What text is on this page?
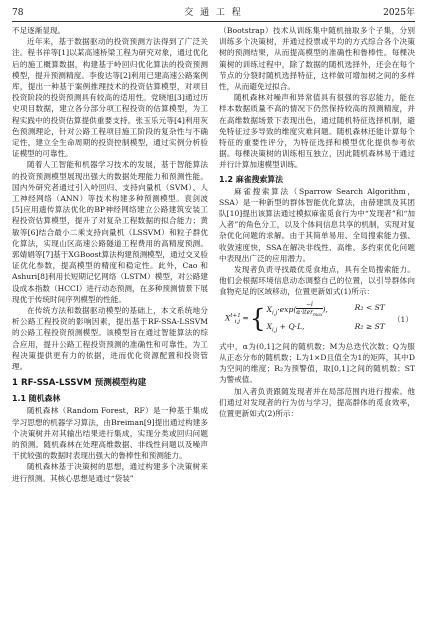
78	交 通 工 程	2025年

不足逐渐显现。

近年来，基于数据驱动的投资预测方法得到了广泛关注。程书祥等[1]以某高速桥梁工程为研究对象，通过优化后的施工概算数据，构建基于岭回归优化算法的投资预测模型，提升预测精度。李俊达等[2]利用已建高速公路案例库，提出一种基于案例推理技术的投资估算模型，对项目投资阶段的投资预测具有较高的适用性。党晓旭[3]通过历史项目数据，建立各分部分项工程投资的估算模型，为工程实践中的投资估算提供重要支持。张玉乐元等[4]利用灰色预测理论，针对公路工程项目施工阶段的复杂性与不确定性，建立全生命周期的投资控制模型，通过实例分析验证模型的可靠性。

随着人工智能和机器学习技术的发展，基于智能算法的投资预测模型展现出强大的数据处理能力和预测性能。国内外研究者通过引入岭回归、支持向量机（SVM）、人工神经网络（ANN）等技术构建多种预测模型。袁剑波[5]应用遗传算法优化的BP神经网络建立公路建筑安装工程投资估算模型，提升了对复杂工程数据的拟合能力；黄敏等[6]结合最小二乘支持向量机（LSSVM）和粒子群优化算法，实现山区高速公路隧道工程费用的高精度预测。郭婧娟等[7]基于XGBoost算法构建预测模型，通过交叉验证优化参数，提高模型的精度和稳定性。此外，Cao 和Ashuri[8]利用长短期记忆网络（LSTM）模型，对公路建设成本指数（HCCI）进行动态预测，在多种预测情景下展现优于传统时间序列模型的性能。

在传统方法和数据驱动模型的基础上，本文系统地分析公路工程投资的影响因素，提出基于RF-SSA-LSSVM的公路工程投资预测模型。该模型旨在通过智能算法的综合应用，提升公路工程投资预测的准确性和可靠性，为工程决策提供更有力的依据，进而优化资源配置和投资管理。

1 RF-SSA-LSSVM 预测模型构建
1.1 随机森林

随机森林（Random Forest，RF）是一种基于集成学习思想的机器学习算法，由Breiman[9]提出通过构建多个决策树并对其输出结果进行集成，实现分类或回归问题的预测。随机森林在处理高维数据、非线性问题以及噪声干扰较强的数据时表现出强大的鲁棒性和预测能力。

随机森林基于决策树的思想，通过构建多个决策树来进行预测。其核心思想是通过“袋装”

（Bootstrap）技术从训练集中随机抽取多个子集，分别训练多个决策树，并通过投票或平均的方式综合各个决策树的预测结果，从而提高模型的准确性和鲁棒性。每棵决策树的训练过程中，除了数据的随机选择外，还会在每个节点的分裂时随机选择特征，这样做可增加树之间的多样性，从而避免过拟合。

随机森林对噪声和异常值具有很强的容忍能力，能在样本数据质量不高的情况下仍然保持较高的预测精度，并在高维数据场景下表现出色，通过随机特征选择机制，避免特征过多导致的维度灾难问题。随机森林还能计算每个特征的重要性评分，为特征选择和模型优化提供参考依据。每棵决策树的训练相互独立，因此随机森林易于通过并行计算加速模型训练。

1.2 麻雀搜索算法

麻雀搜索算法（Sparrow Search Algorithm，SSA）是一种新型的群体智能优化算法，由薛建凯及其团队[10]提出该算法通过模拟麻雀觅食行为中“发现者”和“加入者”的角色分工，以及个体间信息共享的机制，实现对复杂优化问题的求解。由于其简单易用、全局搜索能力强、收敛速度快，SSA在解决非线性、高维、多约束优化问题中表现出广泛的应用潜力。

发现者负责寻找最优觅食地点，具有全局搜索能力。他们会根据环境信息动态调整自己的位置，以引导群体向食物充足的区域移动，位置更新如式(1)所示：

$X^{t+1}_{i,j}$ = { $X_{i,j}\cdot\exp$(
−i
α·iter$_{max}$
),	R₂ < ST
$X_{i,j} + Q\cdot L$,	R₂ ≥ ST
（1）

式中，α为(0,1]之间的随机数；M为总迭代次数；Q为服从正态分布的随机数；L为1×D且值全为1的矩阵，其中D为空间的维度；R₂为预警值，取[0,1]之间的随机数；ST为警戒值。

加入者负责跟随发现者并在局部范围内进行搜索。他们通过对发现者的行为仿与学习，提高群体的觅食效率，位置更新如式(2)所示：
